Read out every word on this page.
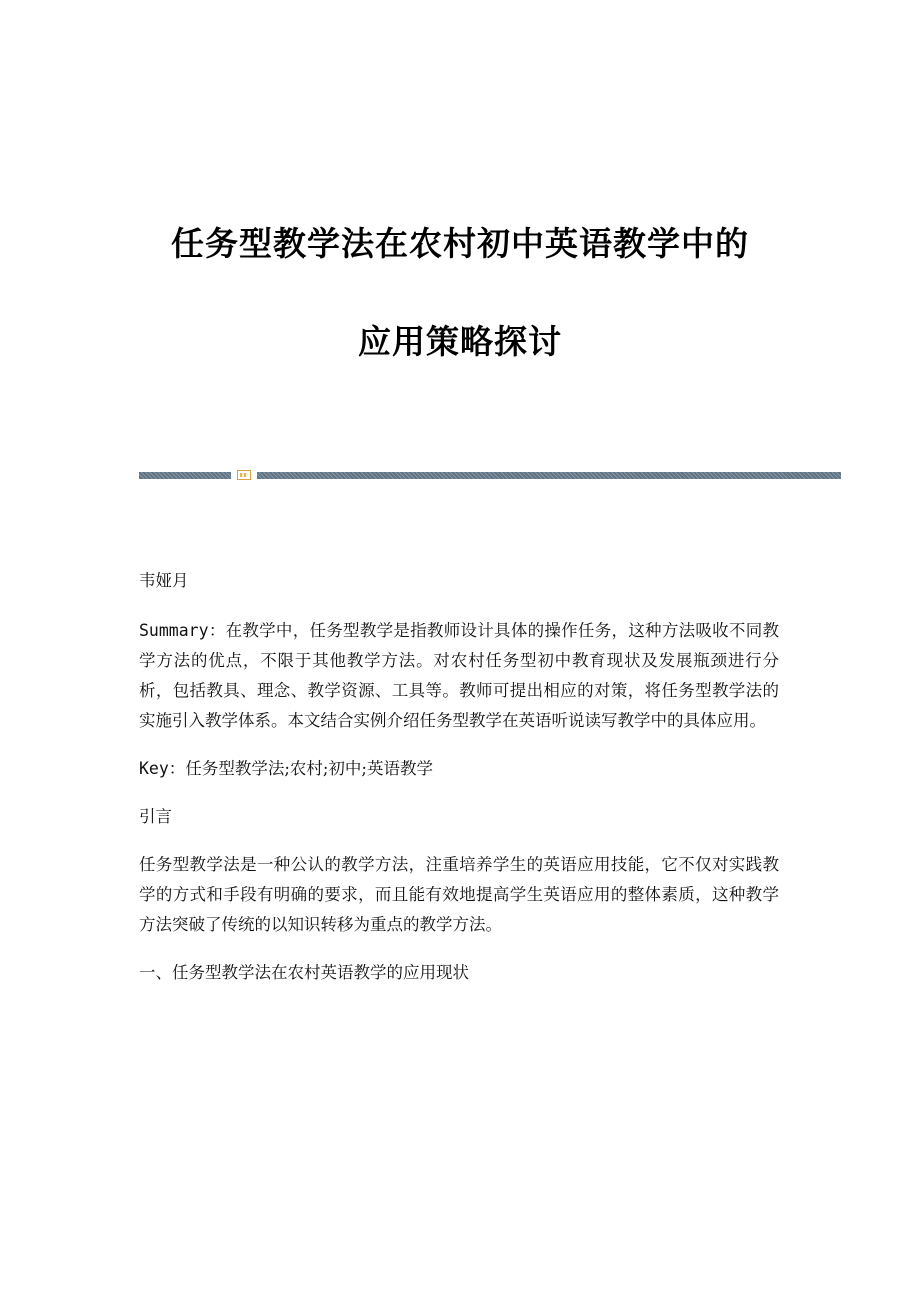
任务型教学法在农村初中英语教学中的
应用策略探讨

韦娅月

Summary：在教学中，任务型教学是指教师设计具体的操作任务，这种方法吸收不同教学方法的优点，不限于其他教学方法。对农村任务型初中教育现状及发展瓶颈进行分析，包括教具、理念、教学资源、工具等。教师可提出相应的对策，将任务型教学法的实施引入教学体系。本文结合实例介绍任务型教学在英语听说读写教学中的具体应用。

Key：任务型教学法;农村;初中;英语教学

引言

任务型教学法是一种公认的教学方法，注重培养学生的英语应用技能，它不仅对实践教学的方式和手段有明确的要求，而且能有效地提高学生英语应用的整体素质，这种教学方法突破了传统的以知识转移为重点的教学方法。

一、任务型教学法在农村英语教学的应用现状
